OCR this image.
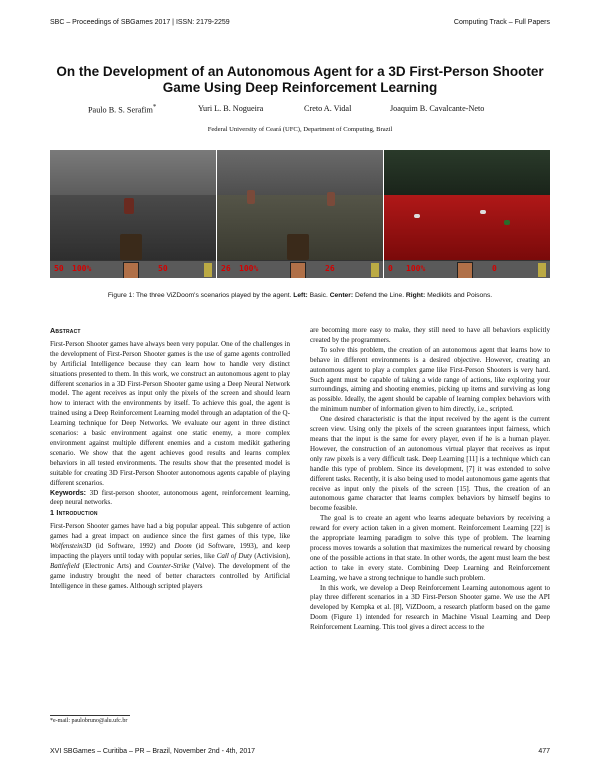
SBC – Proceedings of SBGames 2017 | ISSN: 2179-2259	Computing Track – Full Papers
On the Development of an Autonomous Agent for a 3D First-Person Shooter Game Using Deep Reinforcement Learning
Paulo B. S. Serafim*	Yuri L. B. Nogueira	Creto A. Vidal	Joaquim B. Cavalcante-Neto
Federal University of Ceará (UFC), Department of Computing, Brazil
50 100%	50	26 100%	26	0 100%	0
Figure 1: The three ViZDoom's scenarios played by the agent. Left: Basic. Center: Defend the Line. Right: Medikits and Poisons.
Abstract

First-Person Shooter games have always been very popular. One of the challenges in the development of First-Person Shooter games is the use of game agents controlled by Artificial Intelligence because they can learn how to handle very distinct situations presented to them. In this work, we construct an autonomous agent to play different scenarios in a 3D First-Person Shooter game using a Deep Neural Network model. The agent receives as input only the pixels of the screen and should learn how to interact with the environments by itself. To achieve this goal, the agent is trained using a Deep Reinforcement Learning model through an adaptation of the Q-Learning technique for Deep Networks. We evaluate our agent in three distinct scenarios: a basic environment against one static enemy, a more complex environment against multiple different enemies and a custom medikit gathering scenario. We show that the agent achieves good results and learns complex behaviors in all tested environments. The results show that the presented model is suitable for creating 3D First-Person Shooter autonomous agents capable of playing different scenarios.

Keywords: 3D first-person shooter, autonomous agent, reinforcement learning, deep neural networks.

1 Introduction

First-Person Shooter games have had a big popular appeal. This subgenre of action games had a great impact on audience since the first games of this type, like Wolfenstein3D (id Software, 1992) and Doom (id Software, 1993), and keep impacting the players until today with popular series, like Call of Duty (Activision), Battlefield (Electronic Arts) and Counter-Strike (Valve). The development of the game industry brought the need of better characters controlled by Artificial Intelligence in these games. Although scripted players

are becoming more easy to make, they still need to have all behaviors explicitly created by the programmers.

To solve this problem, the creation of an autonomous agent that learns how to behave in different environments is a desired objective. However, creating an autonomous agent to play a complex game like First-Person Shooters is very hard. Such agent must be capable of taking a wide range of actions, like exploring your surroundings, aiming and shooting enemies, picking up items and surviving as long as possible. Ideally, the agent should be capable of learning complex behaviors with the minimum number of information given to him directly, i.e., scripted.

One desired characteristic is that the input received by the agent is the current screen view. Using only the pixels of the screen guarantees input fairness, which means that the input is the same for every player, even if he is a human player. However, the construction of an autonomous virtual player that receives as input only raw pixels is a very difficult task. Deep Learning [11] is a technique which can handle this type of problem. Since its development, [7] it was extended to solve different tasks. Recently, it is also being used to model autonomous game agents that receive as input only the pixels of the screen [15]. Thus, the creation of an autonomous game character that learns complex behaviors by himself begins to become feasible.

The goal is to create an agent who learns adequate behaviors by receiving a reward for every action taken in a given moment. Reinforcement Learning [22] is the appropriate learning paradigm to solve this type of problem. The learning process moves towards a solution that maximizes the numerical reward by choosing one of the possible actions in that state. In other words, the agent must learn the best action to take in every state. Combining Deep Learning and Reinforcement Learning, we have a strong technique to handle such problem.

In this work, we develop a Deep Reinforcement Learning autonomous agent to play three different scenarios in a 3D First-Person Shooter game. We use the API developed by Kempka et al. [8], ViZDoom, a research platform based on the game Doom (Figure 1) intended for research in Machine Visual Learning and Deep Reinforcement Learning. This tool gives a direct access to the

*e-mail: paulobruno@alu.ufc.br
XVI SBGames – Curitiba – PR – Brazil, November 2nd - 4th, 2017	477
